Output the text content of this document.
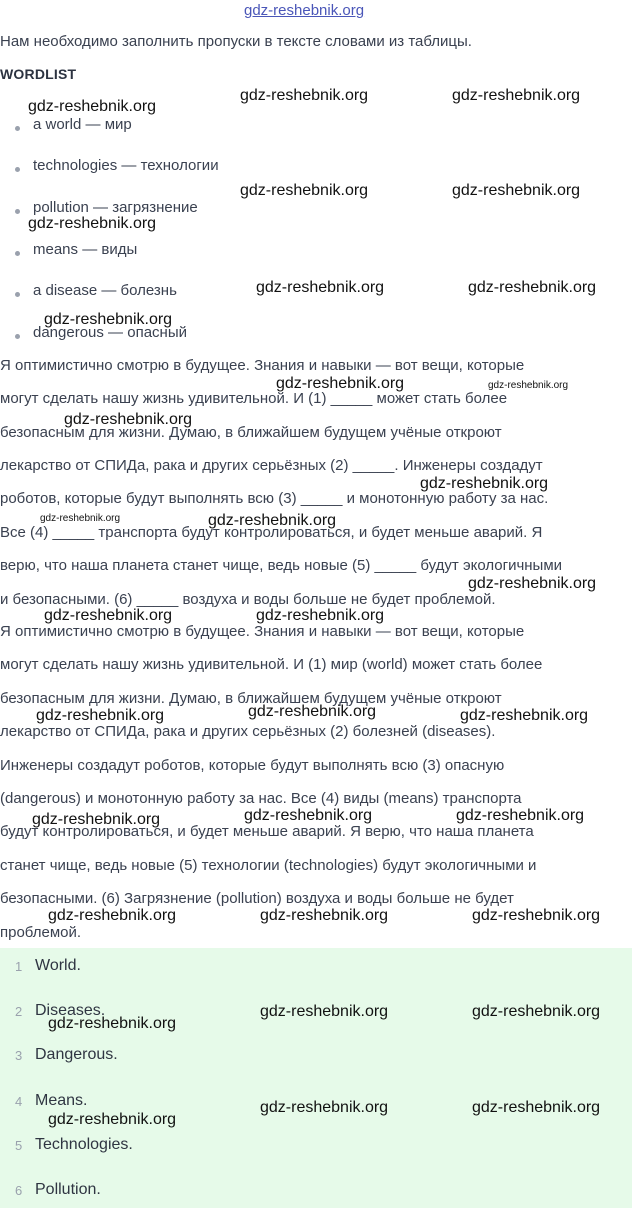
gdz-reshebnik.org
Нам необходимо заполнить пропуски в тексте словами из таблицы.
WORDLIST
a world — мир
technologies — технологии
pollution — загрязнение
means — виды
a disease — болезнь
dangerous — опасный
Я оптимистично смотрю в будущее. Знания и навыки — вот вещи, которые
могут сделать нашу жизнь удивительной. И (1) _____ может стать более
безопасным для жизни. Думаю, в ближайшем будущем учёные откроют
лекарство от СПИДа, рака и других серьёзных (2) _____. Инженеры создадут
роботов, которые будут выполнять всю (3) _____ и монотонную работу за нас.
Все (4) _____ транспорта будут контролироваться, и будет меньше аварий. Я
верю, что наша планета станет чище, ведь новые (5) _____ будут экологичными
и безопасными. (6) _____ воздуха и воды больше не будет проблемой.
Я оптимистично смотрю в будущее. Знания и навыки — вот вещи, которые
могут сделать нашу жизнь удивительной. И (1) мир (world) может стать более
безопасным для жизни. Думаю, в ближайшем будущем учёные откроют
лекарство от СПИДа, рака и других серьёзных (2) болезней (diseases).
Инженеры создадут роботов, которые будут выполнять всю (3) опасную
(dangerous) и монотонную работу за нас. Все (4) виды (means) транспорта
будут контролироваться, и будет меньше аварий. Я верю, что наша планета
станет чище, ведь новые (5) технологии (technologies) будут экологичными и
безопасными. (6) Загрязнение (pollution) воздуха и воды больше не будет
проблемой.
1 World.
2 Diseases.
3 Dangerous.
4 Means.
5 Technologies.
6 Pollution.
gdz-reshebnik.org
gdz-reshebnik.org	gdz-reshebnik.org
gdz-reshebnik.org	gdz-reshebnik.org
gdz-reshebnik.org
gdz-reshebnik.org	gdz-reshebnik.org
gdz-reshebnik.org
gdz-reshebnik.org	gdz-reshebnik.org
gdz-reshebnik.org
gdz-reshebnik.org
gdz-reshebnik.org	gdz-reshebnik.org
gdz-reshebnik.org
gdz-reshebnik.org	gdz-reshebnik.org
gdz-reshebnik.org
gdz-reshebnik.org	gdz-reshebnik.org
gdz-reshebnik.org	gdz-reshebnik.org
gdz-reshebnik.org
gdz-reshebnik.org	gdz-reshebnik.org	gdz-reshebnik.org
gdz-reshebnik.org	gdz-reshebnik.org
gdz-reshebnik.org
gdz-reshebnik.org	gdz-reshebnik.org
gdz-reshebnik.org
